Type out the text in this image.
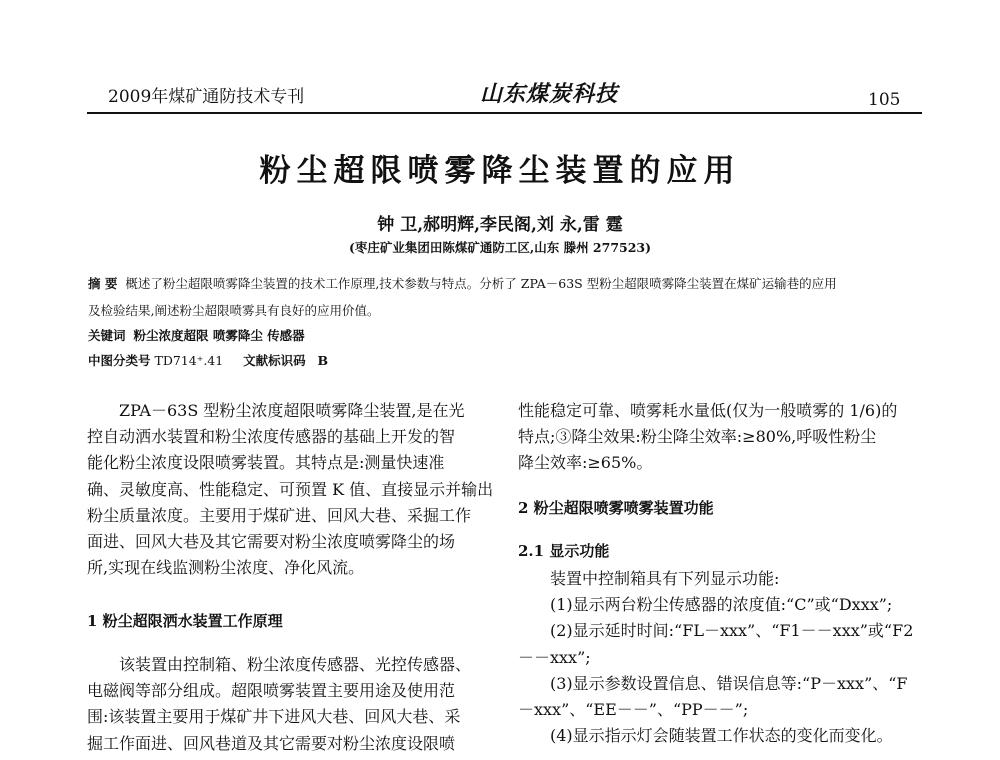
2009年煤矿通防技术专刊	山东煤炭科技	105
粉尘超限喷雾降尘装置的应用
钟 卫,郝明辉,李民阁,刘 永,雷 霆
(枣庄矿业集团田陈煤矿通防工区,山东 滕州 277523)
摘 要 概述了粉尘超限喷雾降尘装置的技术工作原理,技术参数与特点。分析了 ZPA－63S 型粉尘超限喷雾降尘装置在煤矿运输巷的应用
及检验结果,阐述粉尘超限喷雾具有良好的应用价值。
关键词 粉尘浓度超限 喷雾降尘 传感器
中图分类号 TD714⁺.41 文献标识码 B

ZPA－63S 型粉尘浓度超限喷雾降尘装置,是在光

控自动洒水装置和粉尘浓度传感器的基础上开发的智

能化粉尘浓度设限喷雾装置。其特点是:测量快速准

确、灵敏度高、性能稳定、可预置 K 值、直接显示并输出

粉尘质量浓度。主要用于煤矿进、回风大巷、采掘工作

面进、回风大巷及其它需要对粉尘浓度喷雾降尘的场

所,实现在线监测粉尘浓度、净化风流。

1 粉尘超限洒水装置工作原理

该装置由控制箱、粉尘浓度传感器、光控传感器、

电磁阀等部分组成。超限喷雾装置主要用途及使用范

围:该装置主要用于煤矿井下进风大巷、回风大巷、采

掘工作面进、回风巷道及其它需要对粉尘浓度设限喷

性能稳定可靠、喷雾耗水量低(仅为一般喷雾的 1/6)的

特点;③降尘效果:粉尘降尘效率:≥80%,呼吸性粉尘

降尘效率:≥65%。

2 粉尘超限喷雾喷雾装置功能
2.1 显示功能

装置中控制箱具有下列显示功能:

(1)显示两台粉尘传感器的浓度值:“C”或“Dxxx”;

(2)显示延时时间:“FL－xxx”、“F1－－xxx”或“F2

－－xxx”;

(3)显示参数设置信息、错误信息等:“P－xxx”、“F

－xxx”、“EE－－”、“PP－－”;

(4)显示指示灯会随装置工作状态的变化而变化。
